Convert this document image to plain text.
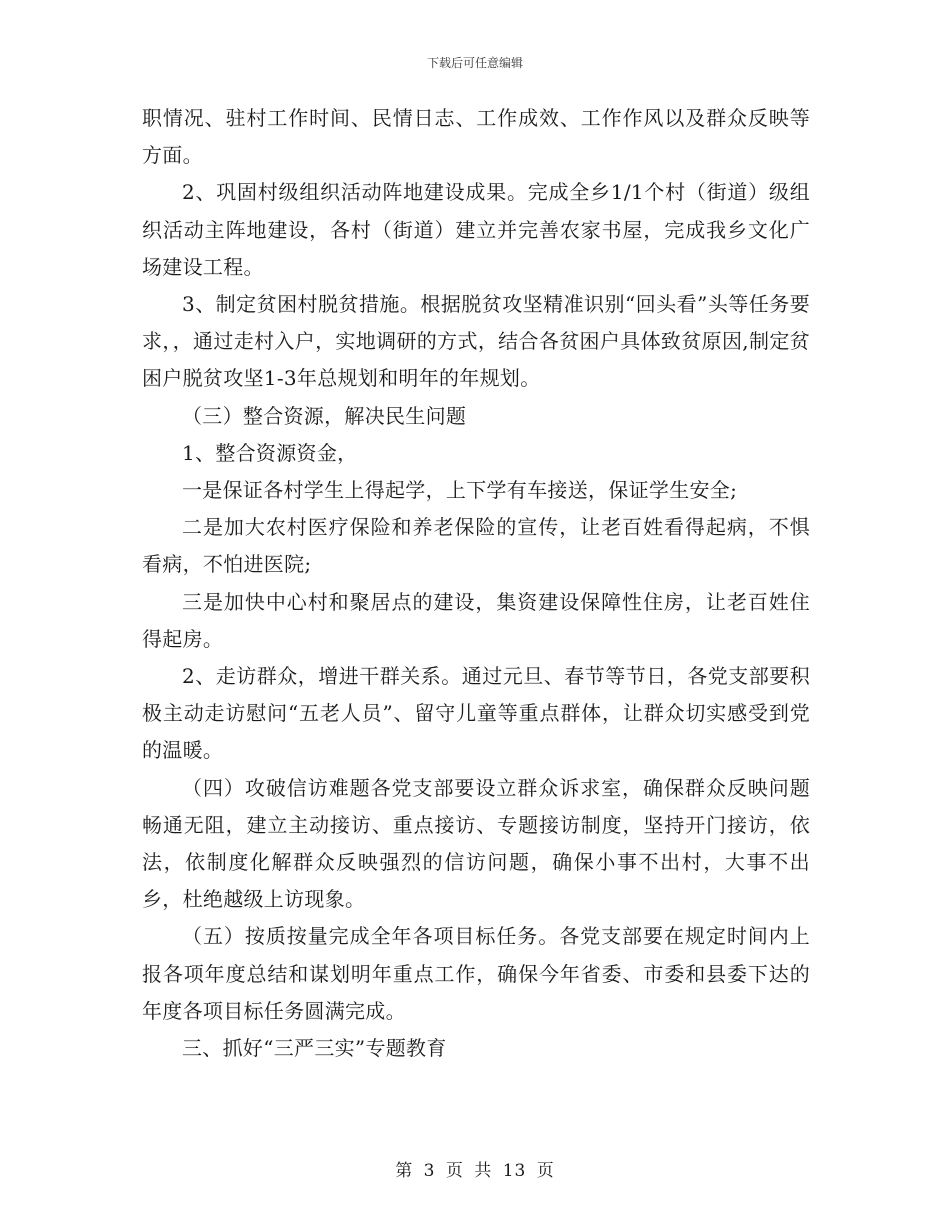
下载后可任意编辑

职情况、驻村工作时间、民情日志、工作成效、工作作风以及群众反映等方面。

2、巩固村级组织活动阵地建设成果。完成全乡1/1个村（街道）级组织活动主阵地建设，各村（街道）建立并完善农家书屋，完成我乡文化广场建设工程。

3、制定贫困村脱贫措施。根据脱贫攻坚精准识别“回头看”头等任务要求，，通过走村入户，实地调研的方式，结合各贫困户具体致贫原因,制定贫困户脱贫攻坚1-3年总规划和明年的年规划。

（三）整合资源，解决民生问题

1、整合资源资金，

一是保证各村学生上得起学，上下学有车接送，保证学生安全;

二是加大农村医疗保险和养老保险的宣传，让老百姓看得起病，不惧看病，不怕进医院;

三是加快中心村和聚居点的建设，集资建设保障性住房，让老百姓住得起房。

2、走访群众，增进干群关系。通过元旦、春节等节日，各党支部要积极主动走访慰问“五老人员”、留守儿童等重点群体，让群众切实感受到党的温暖。

（四）攻破信访难题各党支部要设立群众诉求室，确保群众反映问题畅通无阻，建立主动接访、重点接访、专题接访制度，坚持开门接访，依法，依制度化解群众反映强烈的信访问题，确保小事不出村，大事不出乡，杜绝越级上访现象。

（五）按质按量完成全年各项目标任务。各党支部要在规定时间内上报各项年度总结和谋划明年重点工作，确保今年省委、市委和县委下达的年度各项目标任务圆满完成。

三、抓好“三严三实”专题教育

第 3 页 共 13 页
